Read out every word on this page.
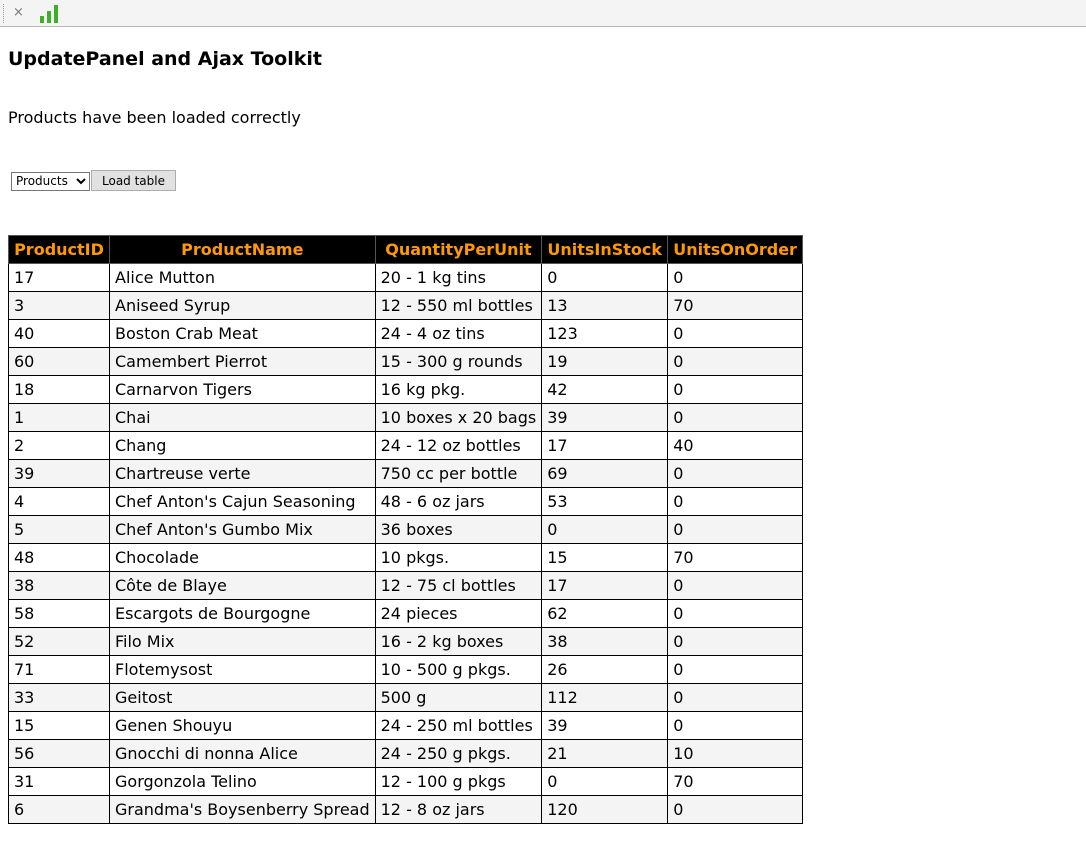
×
UpdatePanel and Ajax Toolkit
Products have been loaded correctly
ProductsLoad table
ProductID	ProductName	QuantityPerUnit	UnitsInStock	UnitsOnOrder
17	Alice Mutton	20 - 1 kg tins	0	0
3	Aniseed Syrup	12 - 550 ml bottles	13	70
40	Boston Crab Meat	24 - 4 oz tins	123	0
60	Camembert Pierrot	15 - 300 g rounds	19	0
18	Carnarvon Tigers	16 kg pkg.	42	0
1	Chai	10 boxes x 20 bags	39	0
2	Chang	24 - 12 oz bottles	17	40
39	Chartreuse verte	750 cc per bottle	69	0
4	Chef Anton's Cajun Seasoning	48 - 6 oz jars	53	0
5	Chef Anton's Gumbo Mix	36 boxes	0	0
48	Chocolade	10 pkgs.	15	70
38	Côte de Blaye	12 - 75 cl bottles	17	0
58	Escargots de Bourgogne	24 pieces	62	0
52	Filo Mix	16 - 2 kg boxes	38	0
71	Flotemysost	10 - 500 g pkgs.	26	0
33	Geitost	500 g	112	0
15	Genen Shouyu	24 - 250 ml bottles	39	0
56	Gnocchi di nonna Alice	24 - 250 g pkgs.	21	10
31	Gorgonzola Telino	12 - 100 g pkgs	0	70
6	Grandma's Boysenberry Spread	12 - 8 oz jars	120	0
